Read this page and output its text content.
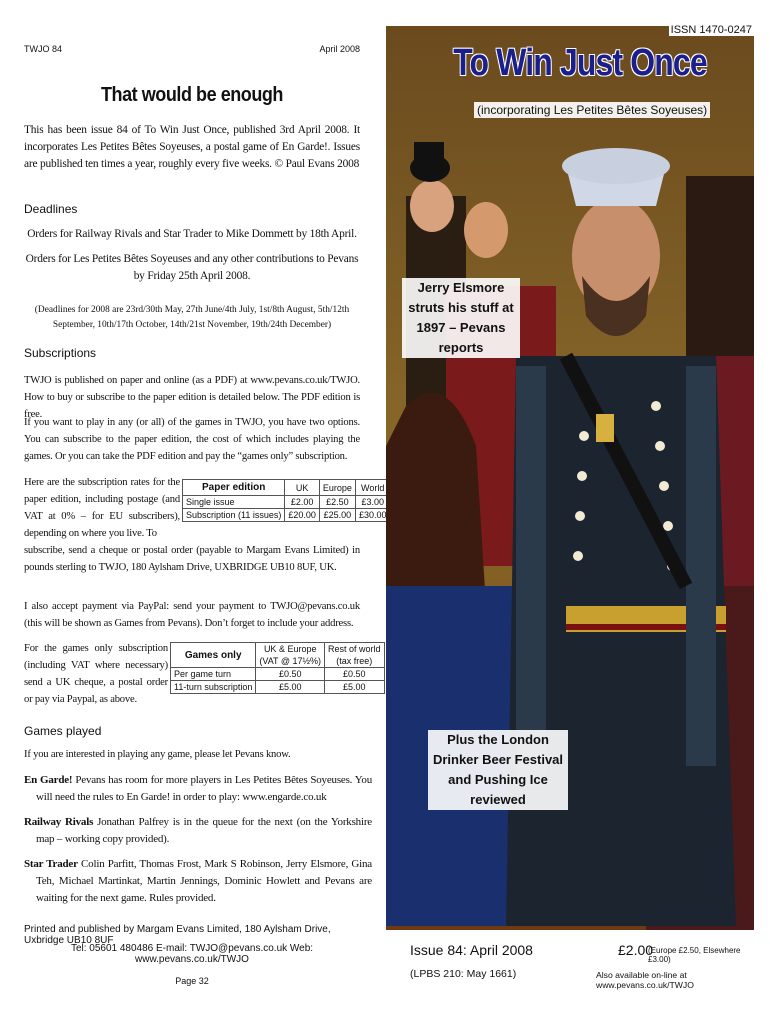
TWJO 84	April 2008
That would be enough

This has been issue 84 of To Win Just Once, published 3rd April 2008. It incorporates Les Petites Bêtes Soyeuses, a postal game of En Garde!. Issues are published ten times a year, roughly every five weeks. © Paul Evans 2008

Deadlines

Orders for Railway Rivals and Star Trader to Mike Dommett by 18th April.

Orders for Les Petites Bêtes Soyeuses and any other contributions to Pevans by Friday 25th April 2008.

(Deadlines for 2008 are 23rd/30th May, 27th June/4th July, 1st/8th August, 5th/12th September, 10th/17th October, 14th/21st November, 19th/24th December)

Subscriptions

TWJO is published on paper and online (as a PDF) at www.pevans.co.uk/TWJO. How to buy or subscribe to the paper edition is detailed below. The PDF edition is free.

If you want to play in any (or all) of the games in TWJO, you have two options. You can subscribe to the paper edition, the cost of which includes playing the games. Or you can take the PDF edition and pay the “games only” subscription.

Here are the subscription rates for the paper edition, including postage (and VAT at 0% – for EU subscribers), depending on where you live. To

Paper edition	UK	Europe	World
Single issue	£2.00	£2.50	£3.00
Subscription (11 issues)	£20.00	£25.00	£30.00

subscribe, send a cheque or postal order (payable to Margam Evans Limited) in pounds sterling to TWJO, 180 Aylsham Drive, UXBRIDGE UB10 8UF, UK.

I also accept payment via PayPal: send your payment to TWJO@pevans.co.uk (this will be shown as Games from Pevans). Don’t forget to include your address.

For the games only subscription (including VAT where necessary) send a UK cheque, a postal order or pay via Paypal, as above.

Games only	UK & Europe	Rest of world
	(VAT @ 17½%)	(tax free)
Per game turn	£0.50	£0.50
11-turn subscription	£5.00	£5.00
Games played

If you are interested in playing any game, please let Pevans know.

En Garde! Pevans has room for more players in Les Petites Bêtes Soyeuses. You will need the rules to En Garde! in order to play: www.engarde.co.uk

Railway Rivals Jonathan Palfrey is in the queue for the next (on the Yorkshire map – working copy provided).

Star Trader Colin Parfitt, Thomas Frost, Mark S Robinson, Jerry Elsmore, Gina Teh, Michael Martinkat, Martin Jennings, Dominic Howlett and Pevans are waiting for the next game. Rules provided.

Printed and published by Margam Evans Limited, 180 Aylsham Drive, Uxbridge UB10 8UF
Tel: 05601 480486 E-mail: TWJO@pevans.co.uk Web: www.pevans.co.uk/TWJO
Page 32
ISSN 1470-0247
To Win Just Once
(incorporating Les Petites Bêtes Soyeuses)
Jerry Elsmore struts his stuff at 1897 – Pevans reports
Plus the London Drinker Beer Festival and Pushing Ice reviewed
Issue 84: April 2008
(LPBS 210: May 1661)
£2.00
(Europe £2.50, Elsewhere £3.00)
Also available on-line at www.pevans.co.uk/TWJO
